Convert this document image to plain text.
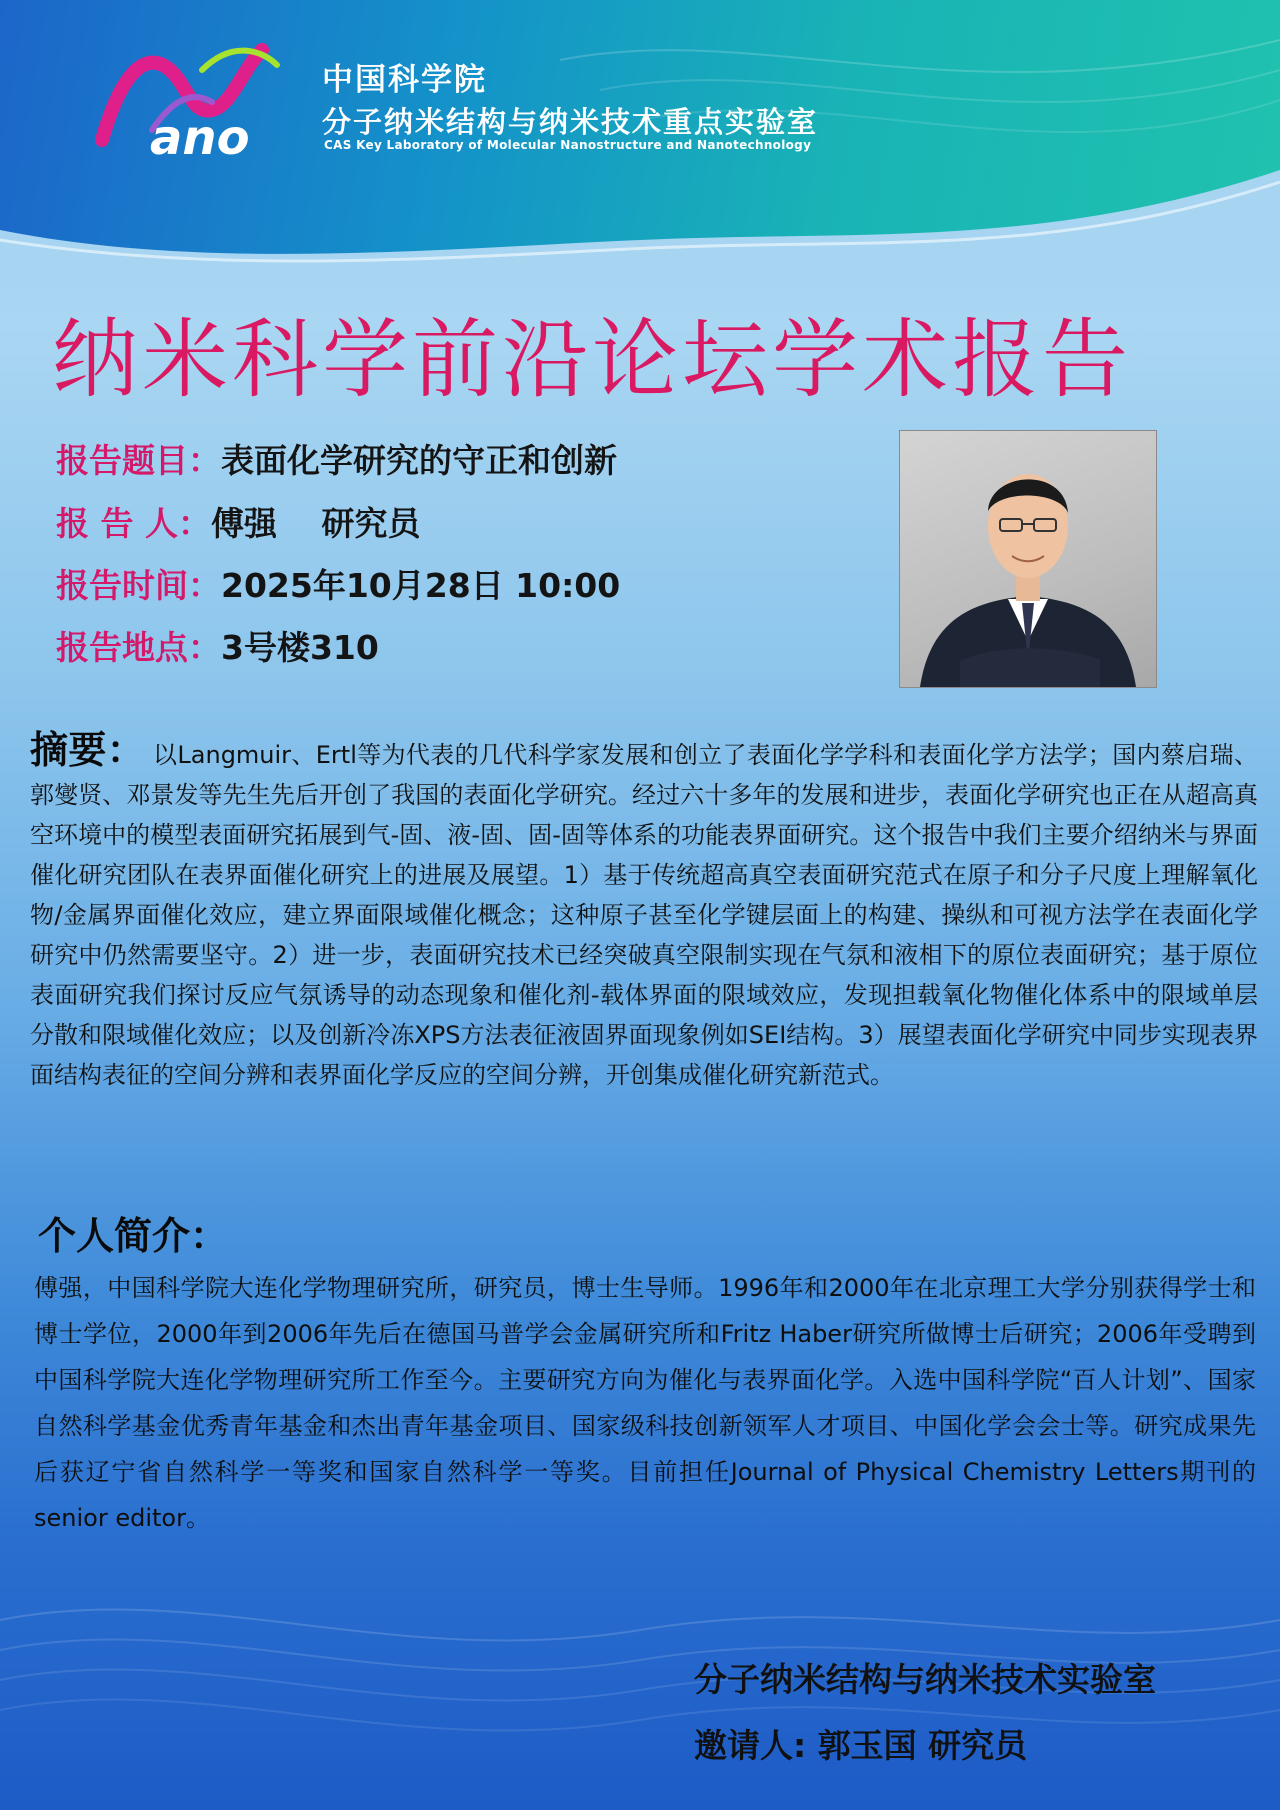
ano
中国科学院
分子纳米结构与纳米技术重点实验室
CAS Key Laboratory of Molecular Nanostructure and Nanotechnology
纳米科学前沿论坛学术报告
报告题目：表面化学研究的守正和创新
报 告 人：傅强　 研究员
报告时间：2025年10月28日 10:00
报告地点：3号楼310
摘要： 以Langmuir、Ertl等为代表的几代科学家发展和创立了表面化学学科和表面化学方法学；国内蔡启瑞、郭燮贤、邓景发等先生先后开创了我国的表面化学研究。经过六十多年的发展和进步，表面化学研究也正在从超高真空环境中的模型表面研究拓展到气-固、液-固、固-固等体系的功能表界面研究。这个报告中我们主要介绍纳米与界面催化研究团队在表界面催化研究上的进展及展望。1）基于传统超高真空表面研究范式在原子和分子尺度上理解氧化物/金属界面催化效应，建立界面限域催化概念；这种原子甚至化学键层面上的构建、操纵和可视方法学在表面化学研究中仍然需要坚守。2）进一步，表面研究技术已经突破真空限制实现在气氛和液相下的原位表面研究；基于原位表面研究我们探讨反应气氛诱导的动态现象和催化剂-载体界面的限域效应，发现担载氧化物催化体系中的限域单层分散和限域催化效应；以及创新冷冻XPS方法表征液固界面现象例如SEI结构。3）展望表面化学研究中同步实现表界面结构表征的空间分辨和表界面化学反应的空间分辨，开创集成催化研究新范式。
个人简介：
傅强，中国科学院大连化学物理研究所，研究员，博士生导师。1996年和2000年在北京理工大学分别获得学士和博士学位，2000年到2006年先后在德国马普学会金属研究所和Fritz Haber研究所做博士后研究；2006年受聘到中国科学院大连化学物理研究所工作至今。主要研究方向为催化与表界面化学。入选中国科学院“百人计划”、国家自然科学基金优秀青年基金和杰出青年基金项目、国家级科技创新领军人才项目、中国化学会会士等。研究成果先后获辽宁省自然科学一等奖和国家自然科学一等奖。目前担任Journal of Physical Chemistry Letters期刊的senior editor。
分子纳米结构与纳米技术实验室
邀请人: 郭玉国 研究员
